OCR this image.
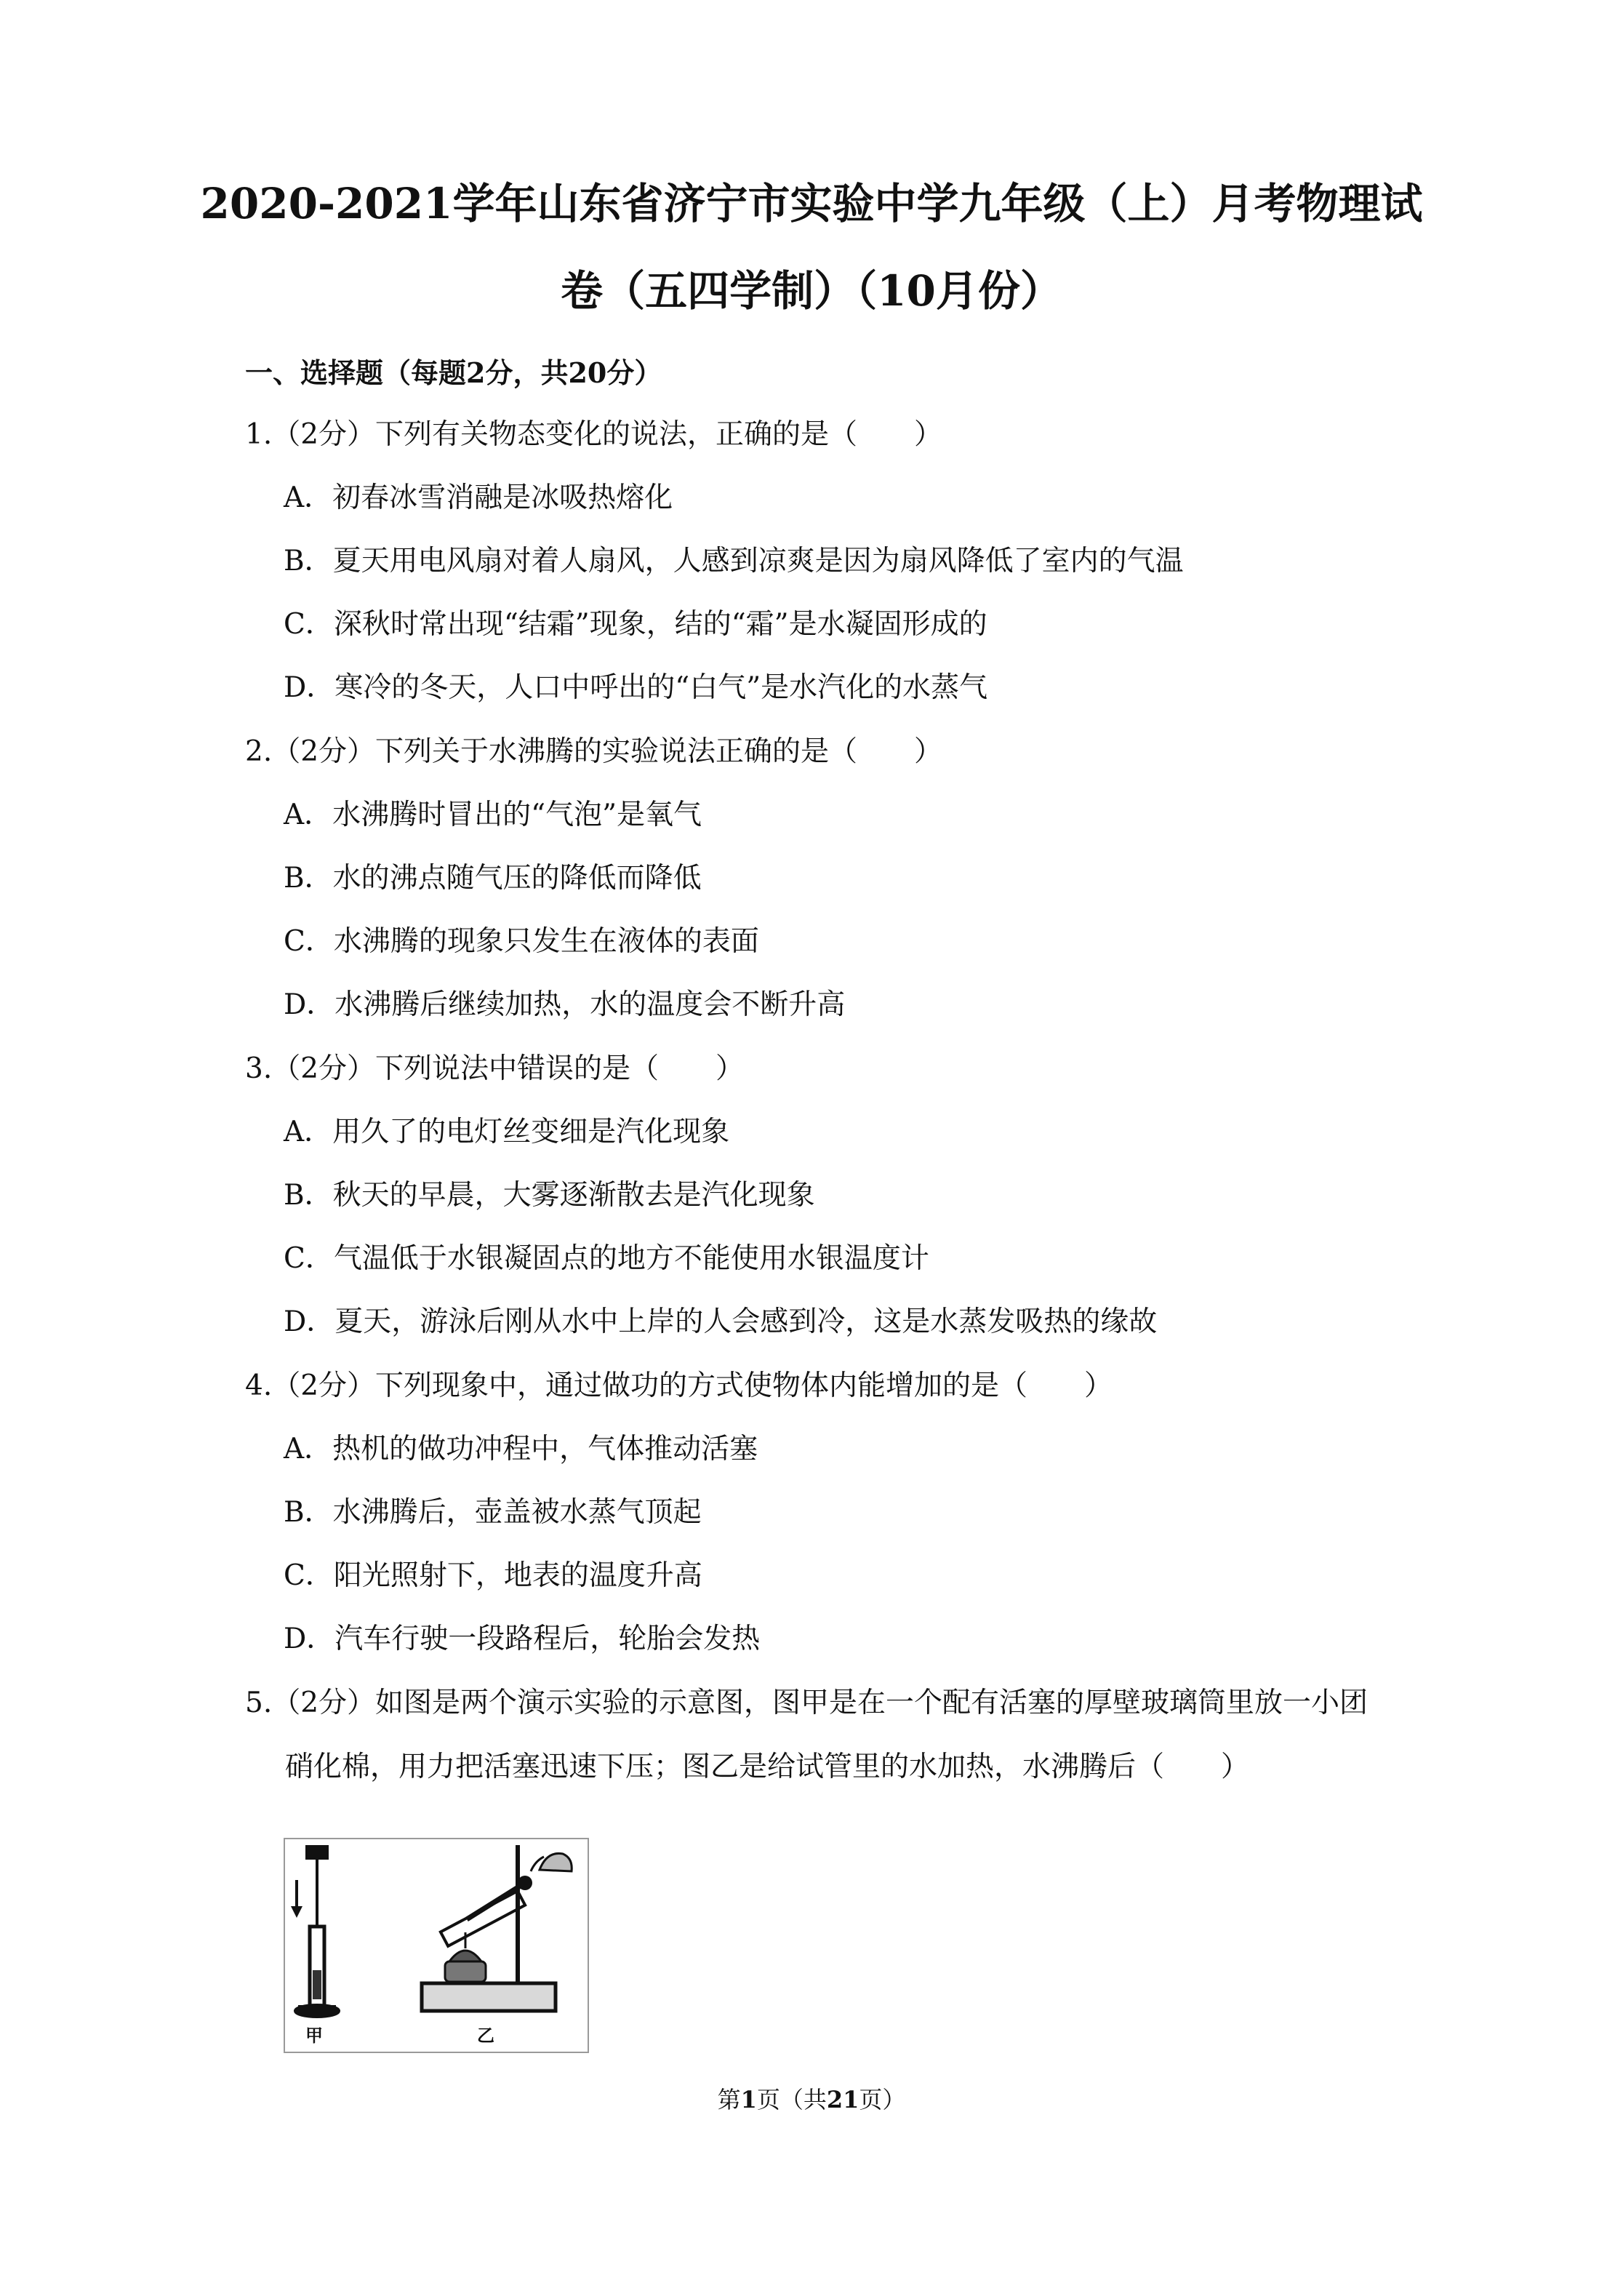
2020-2021学年山东省济宁市实验中学九年级（上）月考物理试
卷（五四学制）（10月份）
一、选择题（每题2分，共20分）
1.（2分）下列有关物态变化的说法，正确的是（　　）
A．初春冰雪消融是冰吸热熔化
B．夏天用电风扇对着人扇风，人感到凉爽是因为扇风降低了室内的气温
C．深秋时常出现“结霜”现象，结的“霜”是水凝固形成的
D．寒冷的冬天，人口中呼出的“白气”是水汽化的水蒸气
2.（2分）下列关于水沸腾的实验说法正确的是（　　）
A．水沸腾时冒出的“气泡”是氧气
B．水的沸点随气压的降低而降低
C．水沸腾的现象只发生在液体的表面
D．水沸腾后继续加热，水的温度会不断升高
3.（2分）下列说法中错误的是（　　）
A．用久了的电灯丝变细是汽化现象
B．秋天的早晨，大雾逐渐散去是汽化现象
C．气温低于水银凝固点的地方不能使用水银温度计
D．夏天，游泳后刚从水中上岸的人会感到冷，这是水蒸发吸热的缘故
4.（2分）下列现象中，通过做功的方式使物体内能增加的是（　　）
A．热机的做功冲程中，气体推动活塞
B．水沸腾后，壶盖被水蒸气顶起
C．阳光照射下，地表的温度升高
D．汽车行驶一段路程后，轮胎会发热
5.（2分）如图是两个演示实验的示意图，图甲是在一个配有活塞的厚壁玻璃筒里放一小团
硝化棉，用力把活塞迅速下压；图乙是给试管里的水加热，水沸腾后（　　）
甲	乙
第1页（共21页）
